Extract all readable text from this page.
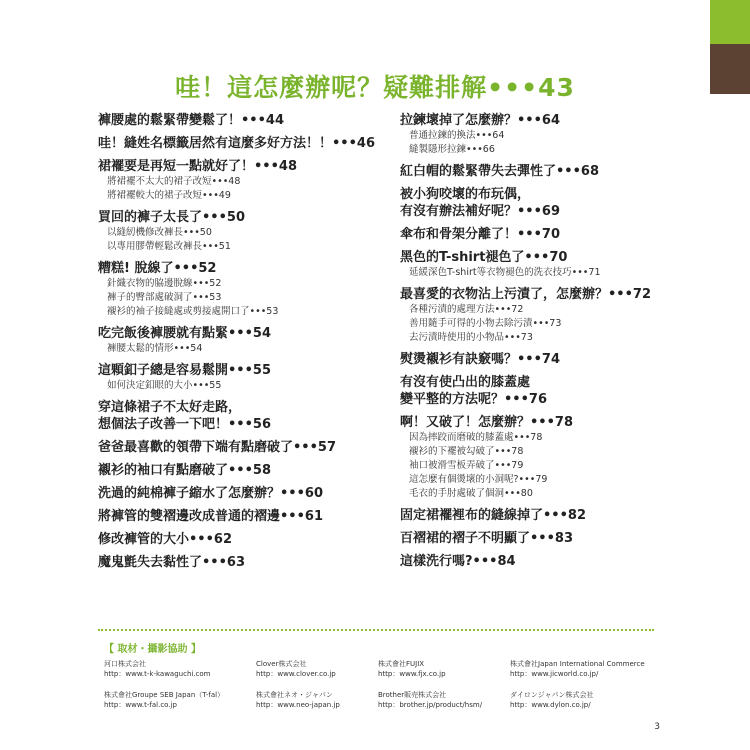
哇！這怎麼辦呢？疑難排解•••43
褲腰處的鬆緊帶變鬆了！•••44
哇！縫姓名標籤居然有這麼多好方法！！•••46
裙襬要是再短一點就好了！•••48
將裙襬不太大的裙子改短•••48
將裙襬較大的裙子改短•••49
買回的褲子太長了•••50
以縫紉機修改褲長•••50
以專用膠帶輕鬆改褲長•••51
糟糕! 脫線了•••52
針織衣物的脇邊脫線•••52
褲子的臀部處破洞了•••53
襯衫的袖子接縫處或剪接處開口了•••53
吃完飯後褲腰就有點緊•••54
褲腰太鬆的情形•••54
這顆釦子總是容易鬆開•••55
如何決定釦眼的大小•••55
穿這條裙子不太好走路，
想個法子改善一下吧！•••56
爸爸最喜歡的領帶下端有點磨破了•••57
襯衫的袖口有點磨破了•••58
洗過的純棉褲子縮水了怎麼辦？•••60
將褲管的雙褶邊改成普通的褶邊•••61
修改褲管的大小•••62
魔鬼氈失去黏性了•••63
拉鍊壞掉了怎麼辦？•••64
普通拉鍊的換法•••64
縫製隱形拉鍊•••66
紅白帽的鬆緊帶失去彈性了•••68
被小狗咬壞的布玩偶，
有沒有辦法補好呢？•••69
傘布和骨架分離了！•••70
黑色的T-shirt褪色了•••70
延緩深色T-shirt等衣物褪色的洗衣技巧•••71
最喜愛的衣物沾上污漬了，怎麼辦？•••72
各種污漬的處理方法•••72
善用隨手可得的小物去除污漬•••73
去污漬時使用的小物品•••73
熨燙襯衫有訣竅嗎？•••74
有沒有使凸出的膝蓋處
變平整的方法呢？•••76
啊！又破了！怎麼辦？•••78
因為摔跤而磨破的膝蓋處•••78
襯衫的下襬被勾破了•••78
袖口被滑雪板弄破了•••79
這怎麼有個燙壞的小洞呢?•••79
毛衣的手肘處破了個洞•••80
固定裙襬裡布的縫線掉了•••82
百褶裙的褶子不明顯了•••83
這樣洗行嗎?•••84
【 取材・攝影協助 】
河口株式会社
http：www.t-k-kawaguchi.com
Clover株式会社
http：www.clover.co.jp
株式會社FUJIX
http：www.fjx.co.jp
株式會社Japan International Commerce
http：www.jicworld.co.jp/
株式會社Groupe SEB Japan（T-fal）
http：www.t-fal.co.jp
株式會社ネオ・ジャパン
http：www.neo-japan.jp
Brother販売株式会社
http：brother.jp/product/hsm/
ダイロンジャパン株式会社
http：www.dylon.co.jp/
3
